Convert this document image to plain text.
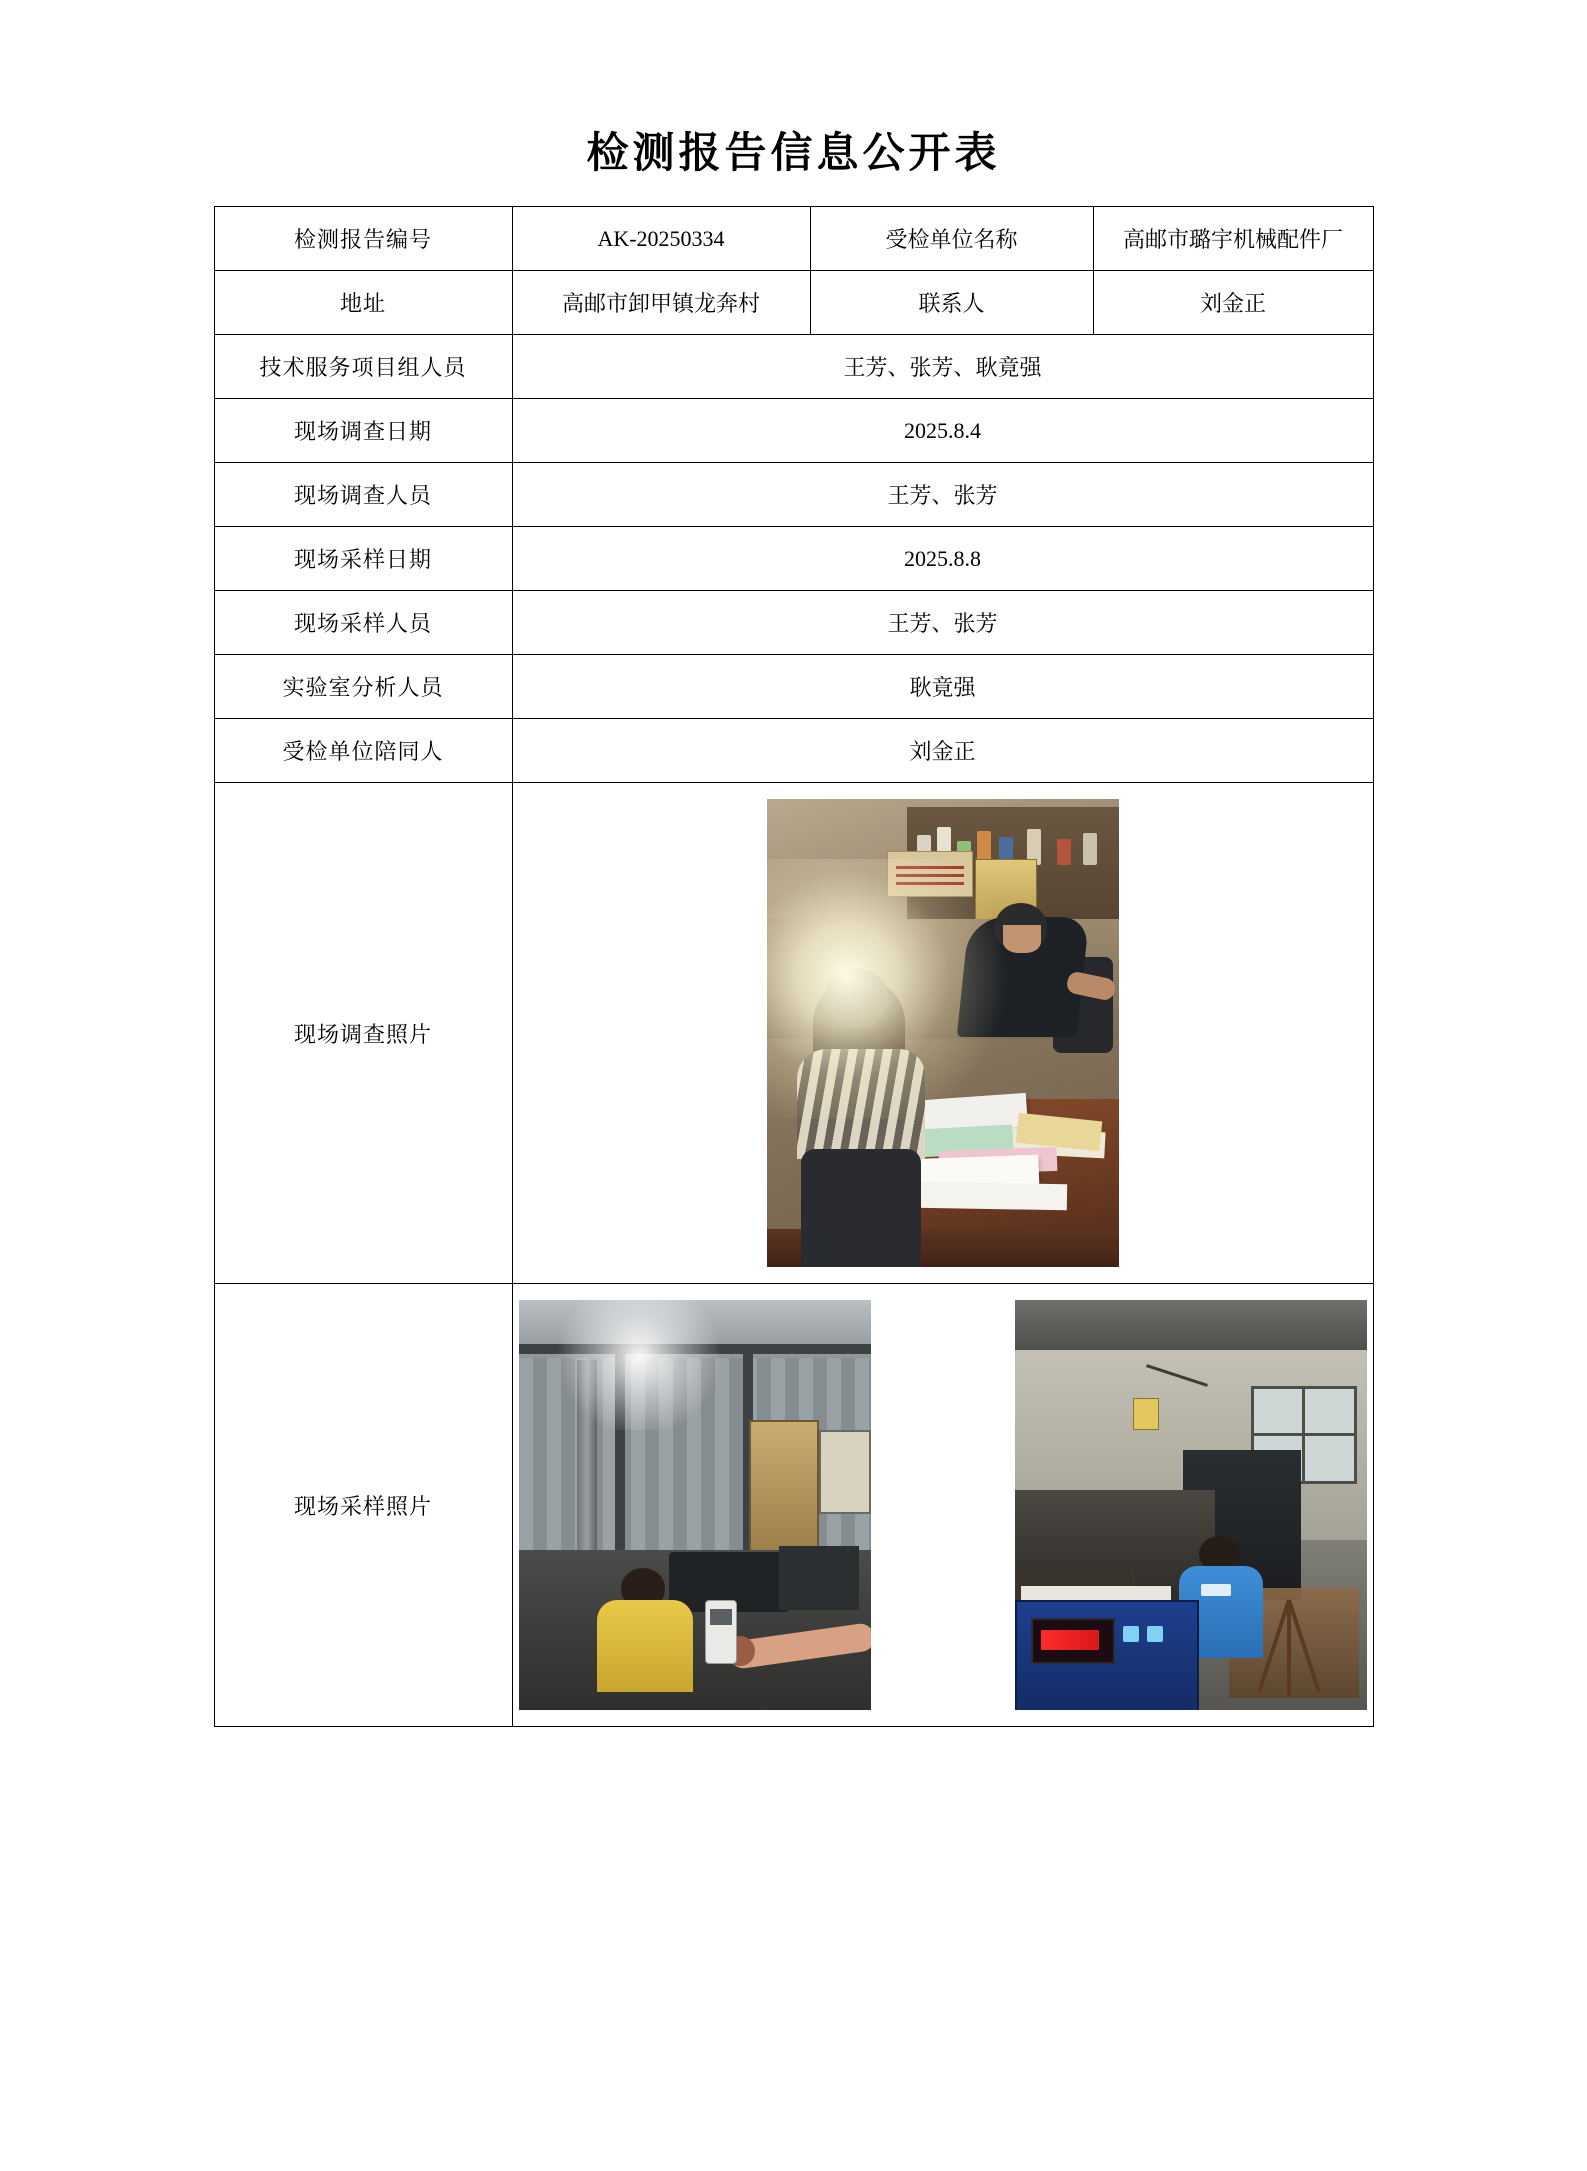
检测报告信息公开表
检测报告编号	AK-20250334	受检单位名称	高邮市璐宇机械配件厂
地址	高邮市卸甲镇龙奔村	联系人	刘金正
技术服务项目组人员	王芳、张芳、耿竟强		
现场调查日期	2025.8.4		
现场调查人员	王芳、张芳		
现场采样日期	2025.8.8		
现场采样人员	王芳、张芳		
实验室分析人员	耿竟强		
受检单位陪同人	刘金正		
现场调查照片			

现场采样照片			
